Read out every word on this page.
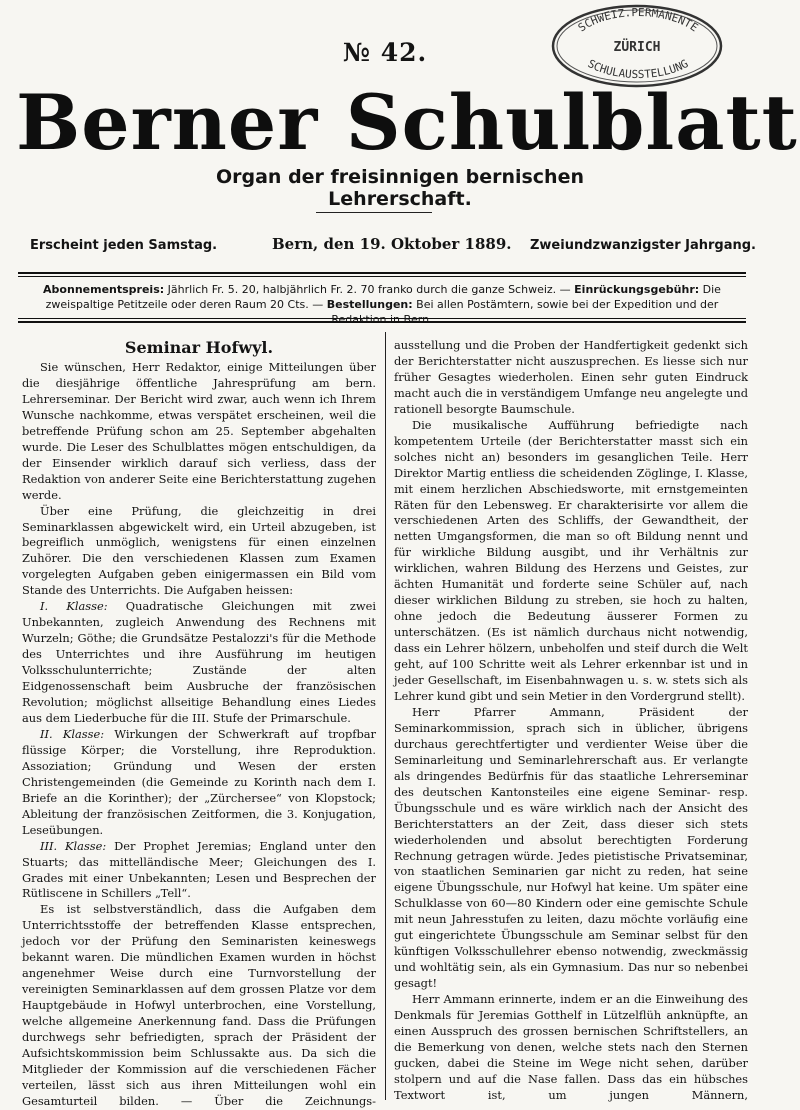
SCHWEIZ.PERMANENTE
ZÜRICH
SCHULAUSSTELLUNG
№ 42.
Berner Schulblatt
Organ der freisinnigen bernischen Lehrerschaft.
Erscheint jeden Samstag.	Bern, den 19. Oktober 1889. Zweiundzwanzigster Jahrgang.
Abonnementspreis: Jährlich Fr. 5. 20, halbjährlich Fr. 2. 70 franko durch die ganze Schweiz. — Einrückungsgebühr: Die zweispaltige Petitzeile oder deren Raum 20 Cts. — Bestellungen: Bei allen Postämtern, sowie bei der Expedition und der Redaktion in Bern.
Seminar Hofwyl.

Sie wünschen, Herr Redaktor, einige Mitteilungen über die diesjährige öffentliche Jahresprüfung am bern. Lehrerseminar. Der Bericht wird zwar, auch wenn ich Ihrem Wunsche nachkomme, etwas verspätet erscheinen, weil die betreffende Prüfung schon am 25. September abgehalten wurde. Die Leser des Schulblattes mögen entschuldigen, da der Einsender wirklich darauf sich verliess, dass der Redaktion von anderer Seite eine Berichterstattung zugehen werde.

Über eine Prüfung, die gleichzeitig in drei Seminarklassen abgewickelt wird, ein Urteil abzugeben, ist begreiflich unmöglich, wenigstens für einen einzelnen Zuhörer. Die den verschiedenen Klassen zum Examen vorgelegten Aufgaben geben einigermassen ein Bild vom Stande des Unterrichts. Die Aufgaben heissen:

I. Klasse: Quadratische Gleichungen mit zwei Unbekannten, zugleich Anwendung des Rechnens mit Wurzeln; Göthe; die Grundsätze Pestalozzi's für die Methode des Unterrichtes und ihre Ausführung im heutigen Volksschulunterrichte; Zustände der alten Eidgenossenschaft beim Ausbruche der französischen Revolution; möglichst allseitige Behandlung eines Liedes aus dem Liederbuche für die III. Stufe der Primarschule.

II. Klasse: Wirkungen der Schwerkraft auf tropfbar flüssige Körper; die Vorstellung, ihre Reproduktion. Assoziation; Gründung und Wesen der ersten Christengemeinden (die Gemeinde zu Korinth nach dem I. Briefe an die Korinther); der „Zürchersee“ von Klopstock; Ableitung der französischen Zeitformen, die 3. Konjugation, Leseübungen.

III. Klasse: Der Prophet Jeremias; England unter den Stuarts; das mittelländische Meer; Gleichungen des I. Grades mit einer Unbekannten; Lesen und Besprechen der Rütliscene in Schillers „Tell“.

Es ist selbstverständlich, dass die Aufgaben dem Unterrichtsstoffe der betreffenden Klasse entsprechen, jedoch vor der Prüfung den Seminaristen keineswegs bekannt waren. Die mündlichen Examen wurden in höchst angenehmer Weise durch eine Turnvorstellung der vereinigten Seminarklassen auf dem grossen Platze vor dem Hauptgebäude in Hofwyl unterbrochen, eine Vorstellung, welche allgemeine Anerkennung fand. Dass die Prüfungen durchwegs sehr befriedigten, sprach der Präsident der Aufsichtskommission beim Schlussakte aus. Da sich die Mitglieder der Kommission auf die verschiedenen Fächer verteilen, lässt sich aus ihren Mitteilungen wohl ein Gesamturteil bilden. — Über die Zeichnungs-

ausstellung und die Proben der Handfertigkeit gedenkt sich der Berichterstatter nicht auszusprechen. Es liesse sich nur früher Gesagtes wiederholen. Einen sehr guten Eindruck macht auch die in verständigem Umfange neu angelegte und rationell besorgte Baumschule.

Die musikalische Aufführung befriedigte nach kompetentem Urteile (der Berichterstatter masst sich ein solches nicht an) besonders im gesanglichen Teile. Herr Direktor Martig entliess die scheidenden Zöglinge, I. Klasse, mit einem herzlichen Abschiedsworte, mit ernstgemeinten Räten für den Lebensweg. Er charakterisirte vor allem die verschiedenen Arten des Schliffs, der Gewandtheit, der netten Umgangsformen, die man so oft Bildung nennt und für wirkliche Bildung ausgibt, und ihr Verhältnis zur wirklichen, wahren Bildung des Herzens und Geistes, zur ächten Humanität und forderte seine Schüler auf, nach dieser wirklichen Bildung zu streben, sie hoch zu halten, ohne jedoch die Bedeutung äusserer Formen zu unterschätzen. (Es ist nämlich durchaus nicht notwendig, dass ein Lehrer hölzern, unbeholfen und steif durch die Welt geht, auf 100 Schritte weit als Lehrer erkennbar ist und in jeder Gesellschaft, im Eisenbahnwagen u. s. w. stets sich als Lehrer kund gibt und sein Metier in den Vordergrund stellt).

Herr Pfarrer Ammann, Präsident der Seminarkommission, sprach sich in üblicher, übrigens durchaus gerechtfertigter und verdienter Weise über die Seminarleitung und Seminarlehrerschaft aus. Er verlangte als dringendes Bedürfnis für das staatliche Lehrerseminar des deutschen Kantonsteiles eine eigene Seminar- resp. Übungsschule und es wäre wirklich nach der Ansicht des Berichterstatters an der Zeit, dass dieser sich stets wiederholenden und absolut berechtigten Forderung Rechnung getragen würde. Jedes pietistische Privatseminar, von staatlichen Seminarien gar nicht zu reden, hat seine eigene Übungsschule, nur Hofwyl hat keine. Um später eine Schulklasse von 60—80 Kindern oder eine gemischte Schule mit neun Jahresstufen zu leiten, dazu möchte vorläufig eine gut eingerichtete Übungsschule am Seminar selbst für den künftigen Volksschullehrer ebenso notwendig, zweckmässig und wohltätig sein, als ein Gymnasium. Das nur so nebenbei gesagt!

Herr Ammann erinnerte, indem er an die Einweihung des Denkmals für Jeremias Gotthelf in Lützelflüh anknüpfte, an einen Ausspruch des grossen bernischen Schriftstellers, an die Bemerkung von denen, welche stets nach den Sternen gucken, dabei die Steine im Wege nicht sehen, darüber stolpern und auf die Nase fallen. Dass das ein hübsches Textwort ist, um jungen Männern,
